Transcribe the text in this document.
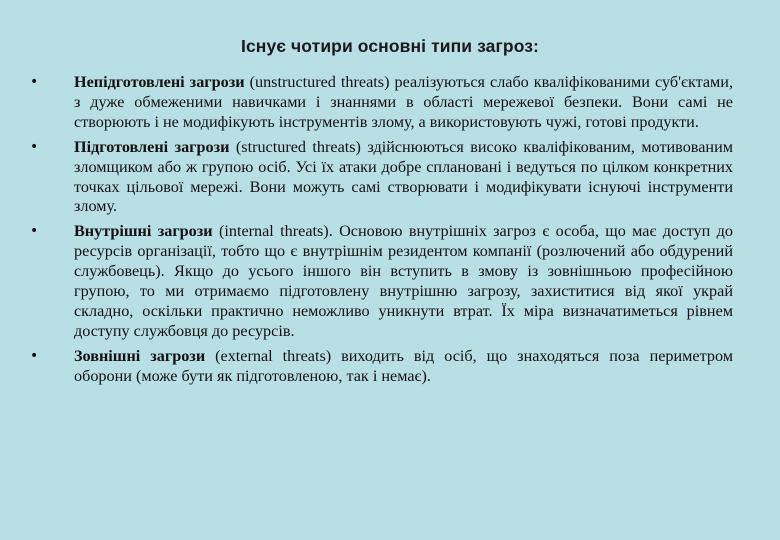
Існує чотири основні типи загроз:
• Непідготовлені загрози (unstructured threats) реалізуються слабо кваліфікованими суб'єктами, з дуже обмеженими навичками і знаннями в області мережевої безпеки. Вони самі не створюють і не модифікують інструментів злому, а використовують чужі, готові продукти.
• Підготовлені загрози (structured threats) здійснюються високо кваліфікованим, мотивованим зломщиком або ж групою осіб. Усі їх атаки добре сплановані і ведуться по цілком конкретних точках цільової мережі. Вони можуть самі створювати і модифікувати існуючі інструменти злому.
• Внутрішні загрози (internal threats). Основою внутрішніх загроз є особа, що має доступ до ресурсів організації, тобто що є внутрішнім резидентом компанії (розлючений або обдурений службовець). Якщо до усього іншого він вступить в змову із зовнішньою професійною групою, то ми отримаємо підготовлену внутрішню загрозу, захиститися від якої украй складно, оскільки практично неможливо уникнути втрат. Їх міра визначатиметься рівнем доступу службовця до ресурсів.
• Зовнішні загрози (external threats) виходить від осіб, що знаходяться поза периметром оборони (може бути як підготовленою, так і немає).
